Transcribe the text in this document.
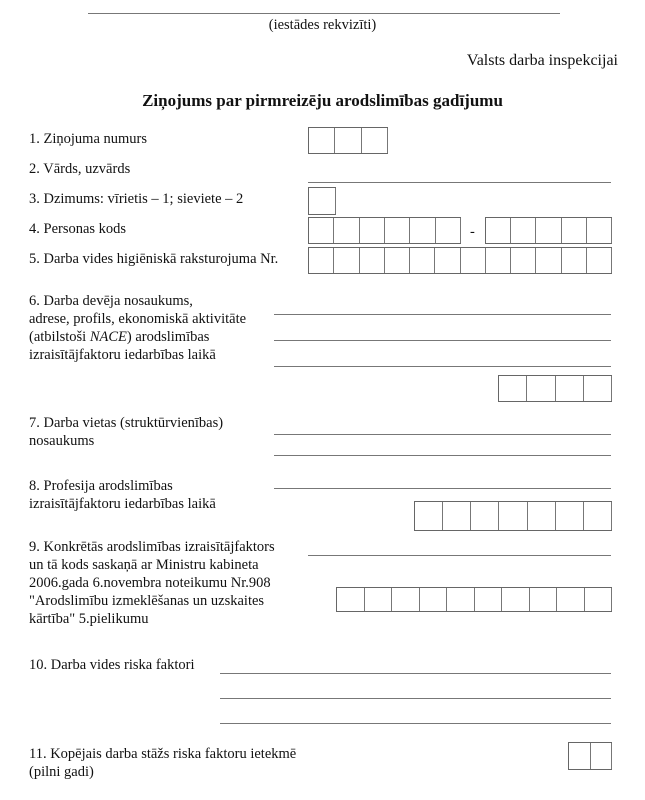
(iestādes rekvizīti)
Valsts darba inspekcijai
Ziņojums par pirmreizēju arodslimības gadījumu
1. Ziņojuma numurs
2. Vārds, uzvārds
3. Dzimums: vīrietis – 1; sieviete – 2
4. Personas kods	-
5. Darba vides higiēniskā raksturojuma Nr.
6. Darba devēja nosaukums,
adrese, profils, ekonomiskā aktivitāte
(atbilstoši NACE) arodslimības
izraisītājfaktoru iedarbības laikā
7. Darba vietas (struktūrvienības)
nosaukums
8. Profesija arodslimības
izraisītājfaktoru iedarbības laikā
9. Konkrētās arodslimības izraisītājfaktors
un tā kods saskaņā ar Ministru kabineta
2006.gada 6.novembra noteikumu Nr.908
"Arodslimību izmeklēšanas un uzskaites
kārtība" 5.pielikumu
10. Darba vides riska faktori
11. Kopējais darba stāžs riska faktoru ietekmē
(pilni gadi)
